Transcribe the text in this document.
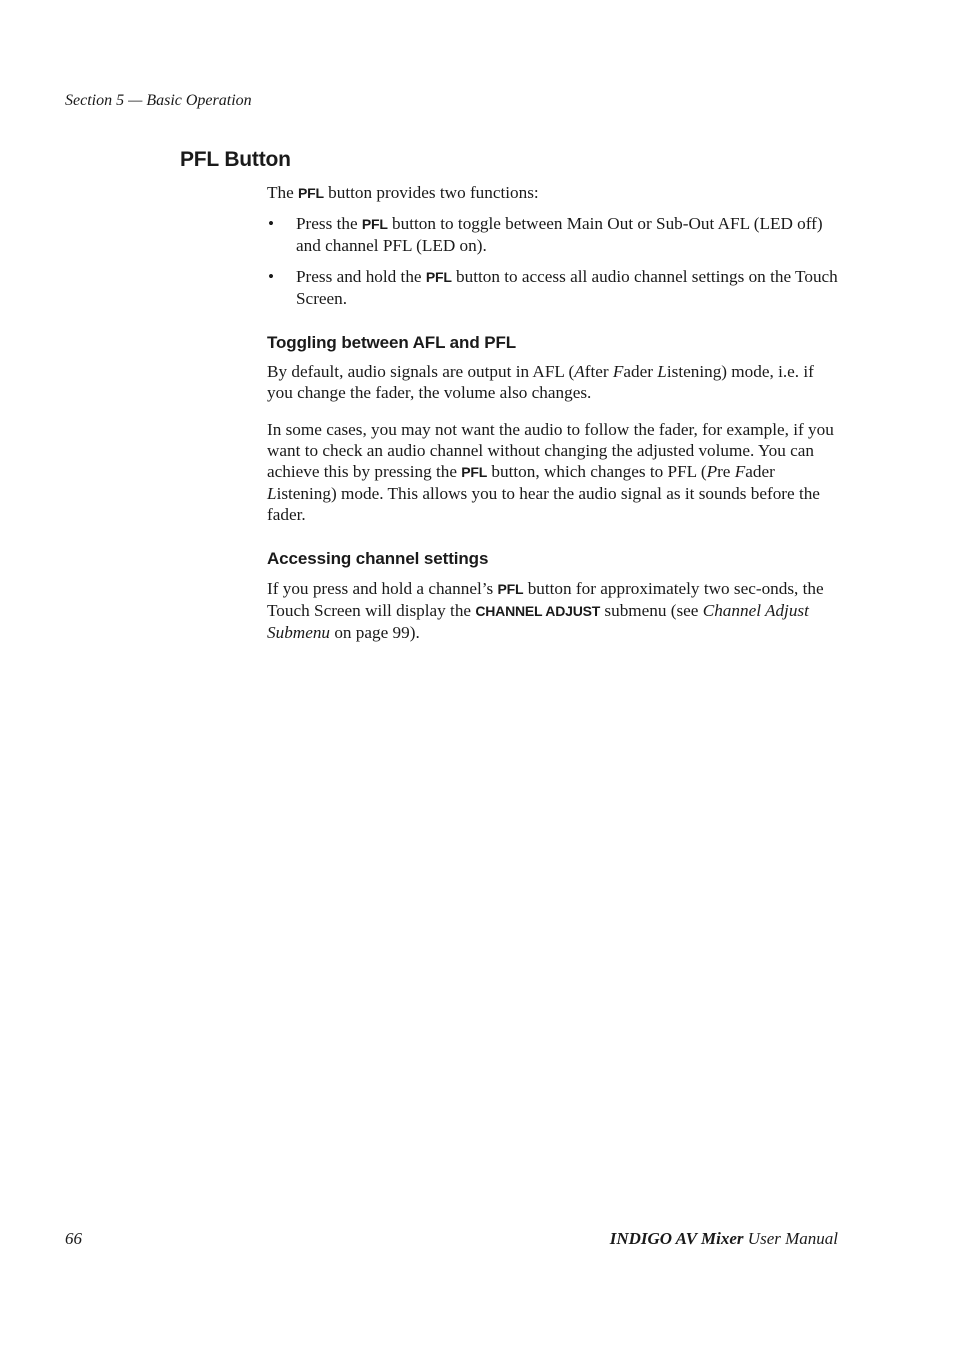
Section 5 — Basic Operation
PFL Button
The PFL button provides two functions:
• Press the PFL button to toggle between Main Out or Sub-Out AFL (LED off) and channel PFL (LED on).
• Press and hold the PFL button to access all audio channel settings on the Touch Screen.
Toggling between AFL and PFL
By default, audio signals are output in AFL (After Fader Listening) mode, i.e. if you change the fader, the volume also changes.
In some cases, you may not want the audio to follow the fader, for example, if you want to check an audio channel without changing the adjusted volume. You can achieve this by pressing the PFL button, which changes to PFL (Pre Fader Listening) mode. This allows you to hear the audio signal as it sounds before the fader.
Accessing channel settings
If you press and hold a channel’s PFL button for approximately two sec-onds, the Touch Screen will display the CHANNEL ADJUST submenu (see Channel Adjust Submenu on page 99).
66	INDIGO AV Mixer User Manual
